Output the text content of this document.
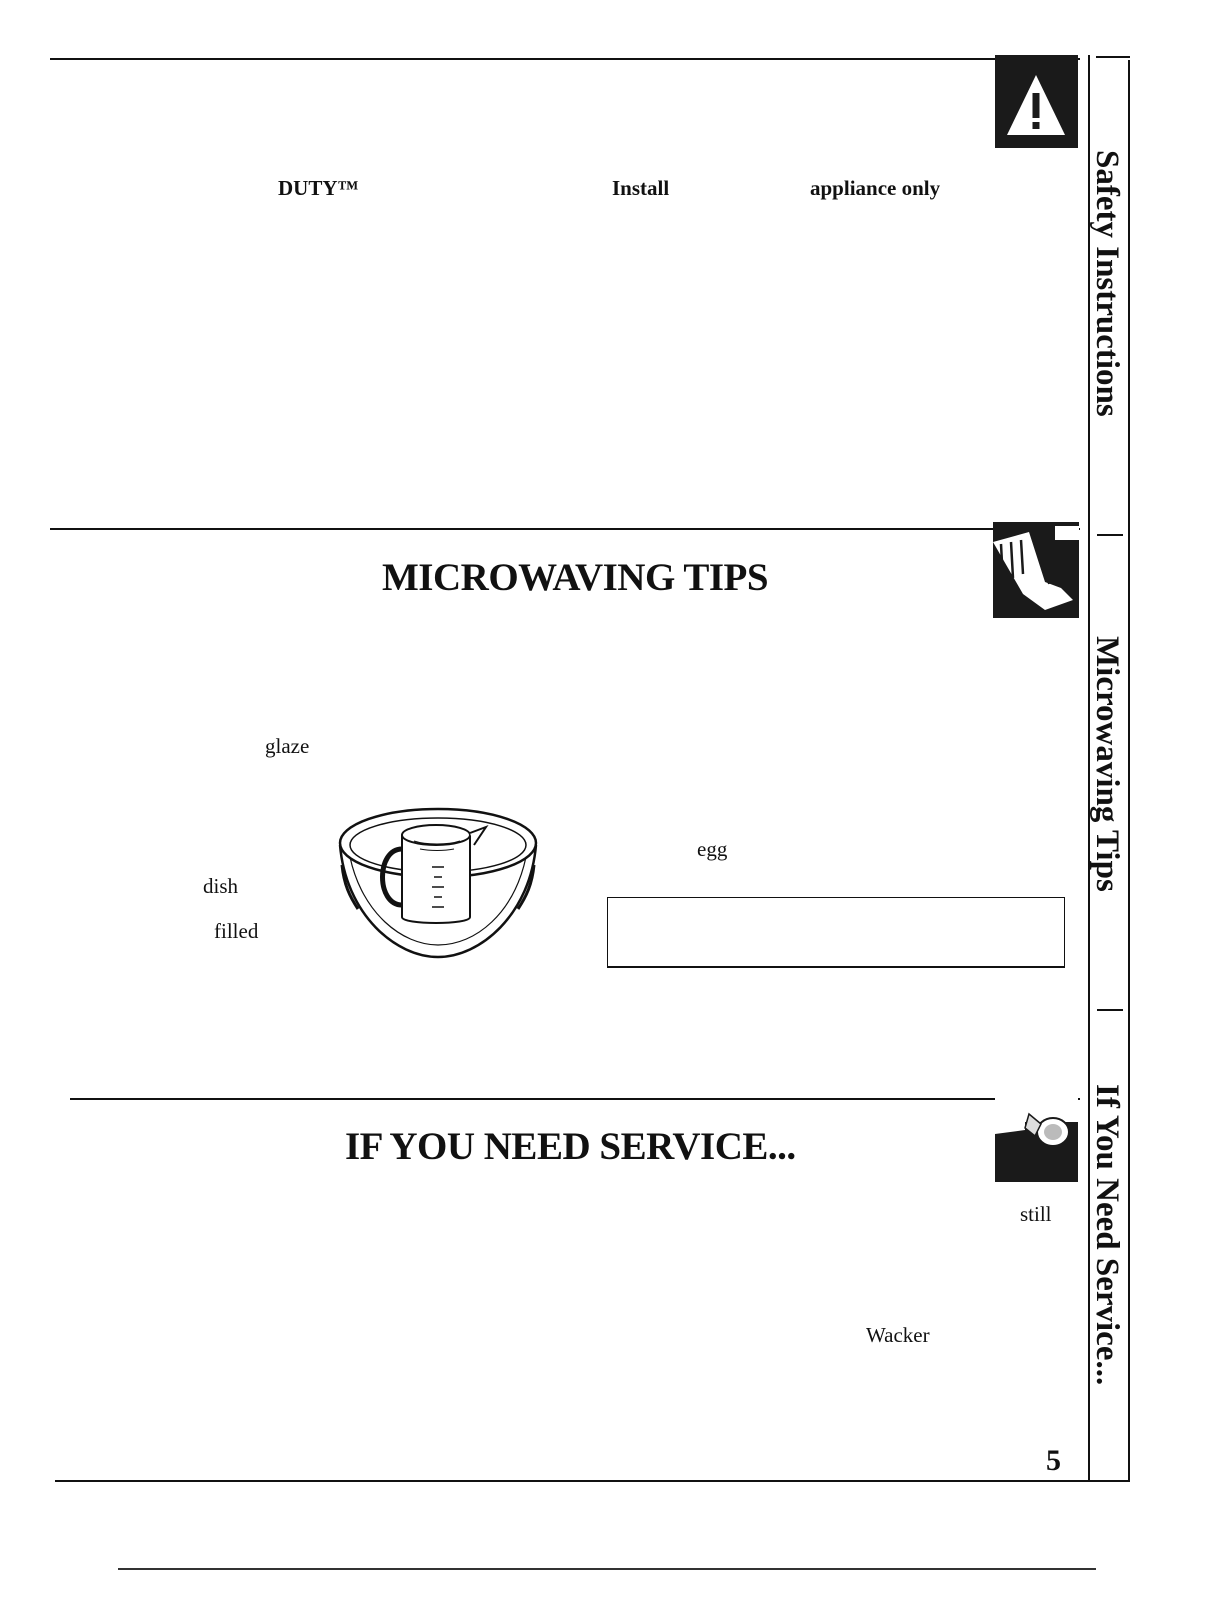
DUTY™	Install	appliance only
MICROWAVING TIPS
glaze
dish
filled
egg
IF YOU NEED SERVICE...
still
Wacker
5
Safety Instructions
Microwaving Tips
If You Need Service...
